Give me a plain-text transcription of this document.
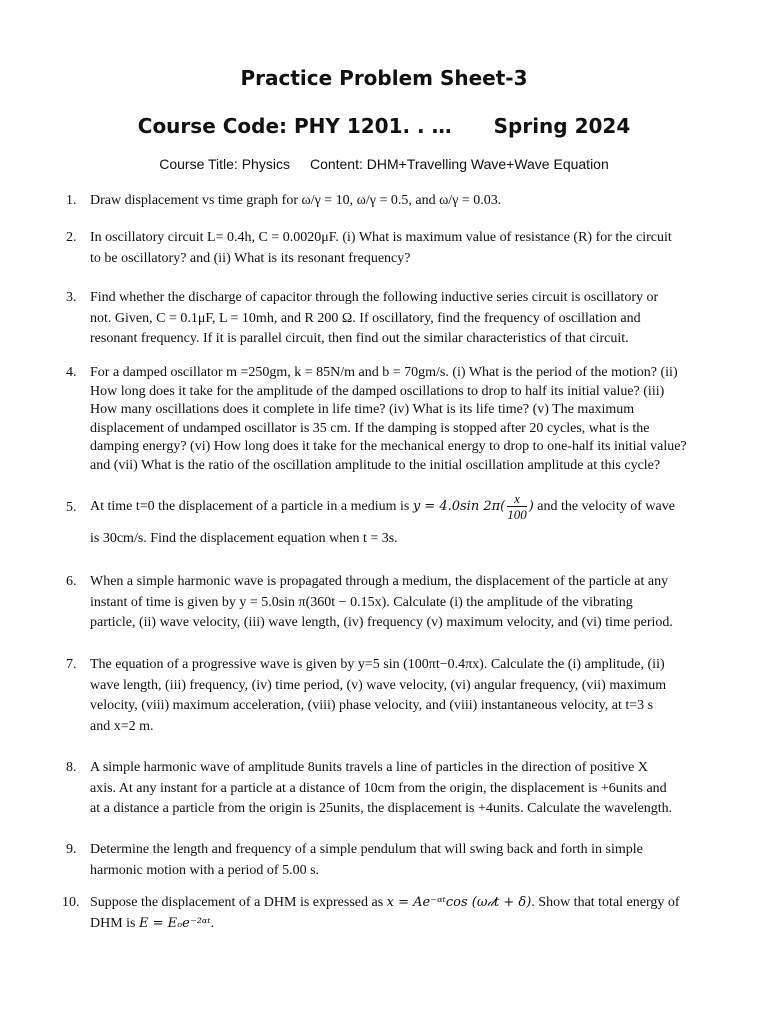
Practice Problem Sheet-3
Course Code: PHY 1201. . … Spring 2024
Course Title: Physics Content: DHM+Travelling Wave+Wave Equation
1. Draw displacement vs time graph for ω/γ = 10, ω/γ = 0.5, and ω/γ = 0.03.
2. In oscillatory circuit L= 0.4h, C = 0.0020μF. (i) What is maximum value of resistance (R) for the circuit
to be oscillatory? and (ii) What is its resonant frequency?
3. Find whether the discharge of capacitor through the following inductive series circuit is oscillatory or
not. Given, C = 0.1μF, L = 10mh, and R 200 Ω. If oscillatory, find the frequency of oscillation and
resonant frequency. If it is parallel circuit, then find out the similar characteristics of that circuit.
4. For a damped oscillator m =250gm, k = 85N/m and b = 70gm/s. (i) What is the period of the motion? (ii)
How long does it take for the amplitude of the damped oscillations to drop to half its initial value? (iii)
How many oscillations does it complete in life time? (iv) What is its life time? (v) The maximum
displacement of undamped oscillator is 35 cm. If the damping is stopped after 20 cycles, what is the
damping energy? (vi) How long does it take for the mechanical energy to drop to one-half its initial value?
and (vii) What is the ratio of the oscillation amplitude to the initial oscillation amplitude at this cycle?
5. At time t=0 the displacement of a particle in a medium is y = 4.0sin $2\pi( \frac{x}{100}$ ) and the velocity of wave
is 30cm/s. Find the displacement equation when t = 3s.
6. When a simple harmonic wave is propagated through a medium, the displacement of the particle at any
instant of time is given by y = 5.0sin π(360t − 0.15x). Calculate (i) the amplitude of the vibrating
particle, (ii) wave velocity, (iii) wave length, (iv) frequency (v) maximum velocity, and (vi) time period.
7. The equation of a progressive wave is given by y=5 sin (100πt−0.4πx). Calculate the (i) amplitude, (ii)
wave length, (iii) frequency, (iv) time period, (v) wave velocity, (vi) angular frequency, (vii) maximum
velocity, (viii) maximum acceleration, (viii) phase velocity, and (viii) instantaneous velocity, at t=3 s
and x=2 m.
8. A simple harmonic wave of amplitude 8units travels a line of particles in the direction of positive X
axis. At any instant for a particle at a distance of 10cm from the origin, the displacement is +6units and
at a distance a particle from the origin is 25units, the displacement is +4units. Calculate the wavelength.
9. Determine the length and frequency of a simple pendulum that will swing back and forth in simple
harmonic motion with a period of 5.00 s.
10. Suppose the displacement of a DHM is expressed as x = Ae⁻ᵅᵗcos (ω𝒹t + δ). Show that total energy of
DHM is E = Eₒe⁻²ᵅᵗ.
